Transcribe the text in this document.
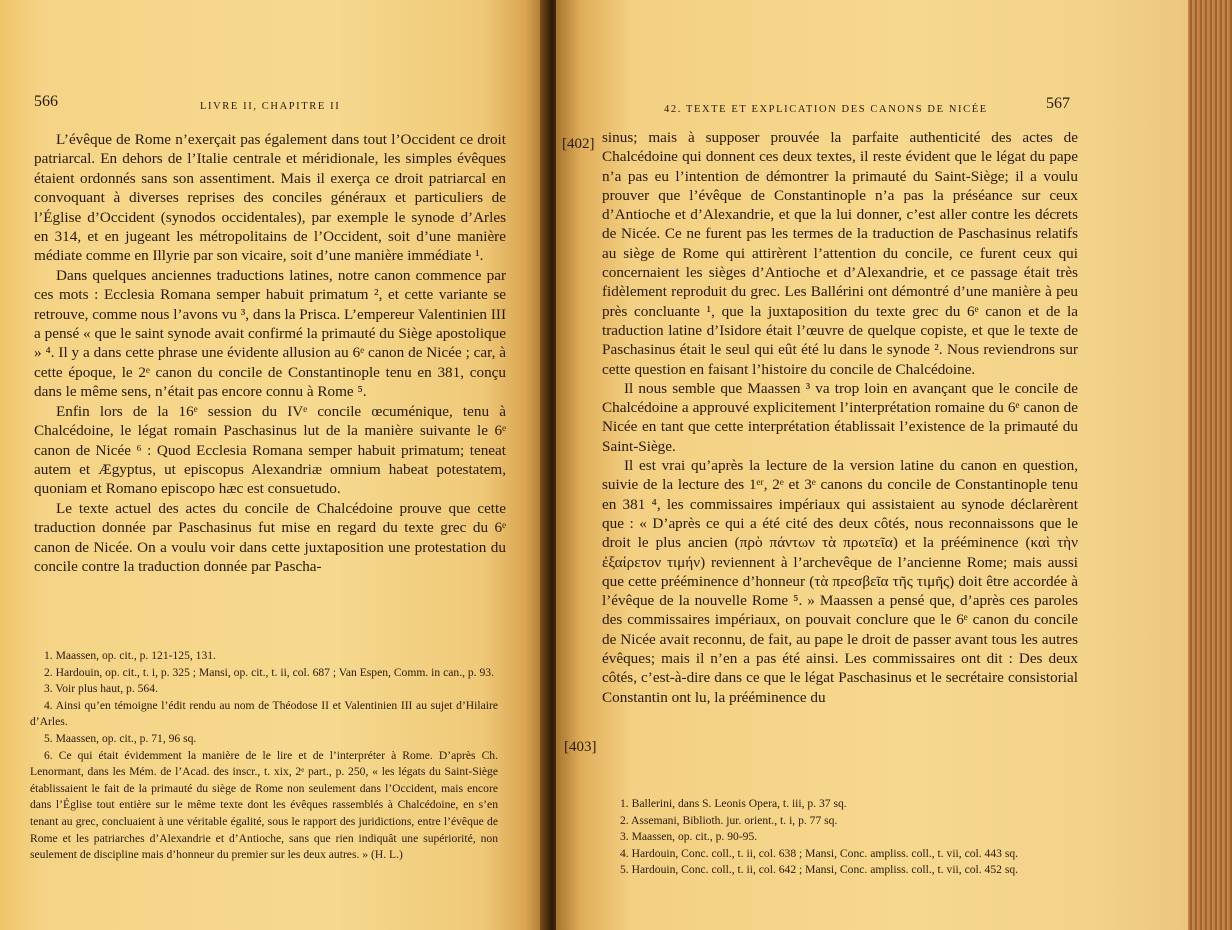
566	LIVRE II, CHAPITRE II

L’évêque de Rome n’exerçait pas également dans tout l’Occident ce droit patriarcal. En dehors de l’Italie centrale et méridionale, les simples évêques étaient ordonnés sans son assentiment. Mais il exerça ce droit patriarcal en convoquant à diverses reprises des conciles généraux et particuliers de l’Église d’Occident (synodos occidentales), par exemple le synode d’Arles en 314, et en jugeant les métropolitains de l’Occident, soit d’une manière médiate comme en Illyrie par son vicaire, soit d’une manière immédiate ¹.

Dans quelques anciennes traductions latines, notre canon commence par ces mots : Ecclesia Romana semper habuit primatum ², et cette variante se retrouve, comme nous l’avons vu ³, dans la Prisca. L’empereur Valentinien III a pensé « que le saint synode avait confirmé la primauté du Siège apostolique » ⁴. Il y a dans cette phrase une évidente allusion au 6ᵉ canon de Nicée ; car, à cette époque, le 2ᵉ canon du concile de Constantinople tenu en 381, conçu dans le même sens, n’était pas encore connu à Rome ⁵.

Enfin lors de la 16ᵉ session du IVᵉ concile œcuménique, tenu à Chalcédoine, le légat romain Paschasinus lut de la manière suivante le 6ᵉ canon de Nicée ⁶ : Quod Ecclesia Romana semper habuit primatum; teneat autem et Ægyptus, ut episcopus Alexandriæ omnium habeat potestatem, quoniam et Romano episcopo hæc est consuetudo.

Le texte actuel des actes du concile de Chalcédoine prouve que cette traduction donnée par Paschasinus fut mise en regard du texte grec du 6ᵉ canon de Nicée. On a voulu voir dans cette juxtaposition une protestation du concile contre la traduction donnée par Pascha-

1. Maassen, op. cit., p. 121-125, 131.

2. Hardouin, op. cit., t. i, p. 325 ; Mansi, op. cit., t. ii, col. 687 ; Van Espen, Comm. in can., p. 93.

3. Voir plus haut, p. 564.

4. Ainsi qu’en témoigne l’édit rendu au nom de Théodose II et Valentinien III au sujet d’Hilaire d’Arles.

5. Maassen, op. cit., p. 71, 96 sq.

6. Ce qui était évidemment la manière de le lire et de l’interpréter à Rome. D’après Ch. Lenormant, dans les Mém. de l’Acad. des inscr., t. xix, 2ᵉ part., p. 250, « les légats du Saint-Siège établissaient le fait de la primauté du siège de Rome non seulement dans l’Occident, mais encore dans l’Église tout entière sur le même texte dont les évêques rassemblés à Chalcédoine, en s’en tenant au grec, concluaient à une véritable égalité, sous le rapport des juridictions, entre l’évêque de Rome et les patriarches d’Alexandrie et d’Antioche, sans que rien indiquât une supériorité, non seulement de discipline mais d’honneur du premier sur les deux autres. » (H. L.)

42. TEXTE ET EXPLICATION DES CANONS DE NICÉE	567
[402]
[403]

sinus; mais à supposer prouvée la parfaite authenticité des actes de Chalcédoine qui donnent ces deux textes, il reste évident que le légat du pape n’a pas eu l’intention de démontrer la primauté du Saint-Siège; il a voulu prouver que l’évêque de Constantinople n’a pas la préséance sur ceux d’Antioche et d’Alexandrie, et que la lui donner, c’est aller contre les décrets de Nicée. Ce ne furent pas les termes de la traduction de Paschasinus relatifs au siège de Rome qui attirèrent l’attention du concile, ce furent ceux qui concernaient les sièges d’Antioche et d’Alexandrie, et ce passage était très fidèlement reproduit du grec. Les Ballérini ont démontré d’une manière à peu près concluante ¹, que la juxtaposition du texte grec du 6ᵉ canon et de la traduction latine d’Isidore était l’œuvre de quelque copiste, et que le texte de Paschasinus était le seul qui eût été lu dans le synode ². Nous reviendrons sur cette question en faisant l’histoire du concile de Chalcédoine.

Il nous semble que Maassen ³ va trop loin en avançant que le concile de Chalcédoine a approuvé explicitement l’interprétation romaine du 6ᵉ canon de Nicée en tant que cette interprétation établissait l’existence de la primauté du Saint-Siège.

Il est vrai qu’après la lecture de la version latine du canon en question, suivie de la lecture des 1ᵉʳ, 2ᵉ et 3ᵉ canons du concile de Constantinople tenu en 381 ⁴, les commissaires impériaux qui assistaient au synode déclarèrent que : « D’après ce qui a été cité des deux côtés, nous reconnaissons que le droit le plus ancien (πρὸ πάντων τὰ πρωτεῖα) et la prééminence (καὶ τὴν ἐξαίρετον τιμήν) reviennent à l’archevêque de l’ancienne Rome; mais aussi que cette prééminence d’honneur (τὰ πρεσβεῖα τῆς τιμῆς) doit être accordée à l’évêque de la nouvelle Rome ⁵. » Maassen a pensé que, d’après ces paroles des commissaires impériaux, on pouvait conclure que le 6ᵉ canon du concile de Nicée avait reconnu, de fait, au pape le droit de passer avant tous les autres évêques; mais il n’en a pas été ainsi. Les commissaires ont dit : Des deux côtés, c’est-à-dire dans ce que le légat Paschasinus et le secrétaire consistorial Constantin ont lu, la prééminence du

1. Ballerini, dans S. Leonis Opera, t. iii, p. 37 sq.

2. Assemani, Biblioth. jur. orient., t. i, p. 77 sq.

3. Maassen, op. cit., p. 90-95.

4. Hardouin, Conc. coll., t. ii, col. 638 ; Mansi, Conc. ampliss. coll., t. vii, col. 443 sq.

5. Hardouin, Conc. coll., t. ii, col. 642 ; Mansi, Conc. ampliss. coll., t. vii, col. 452 sq.
